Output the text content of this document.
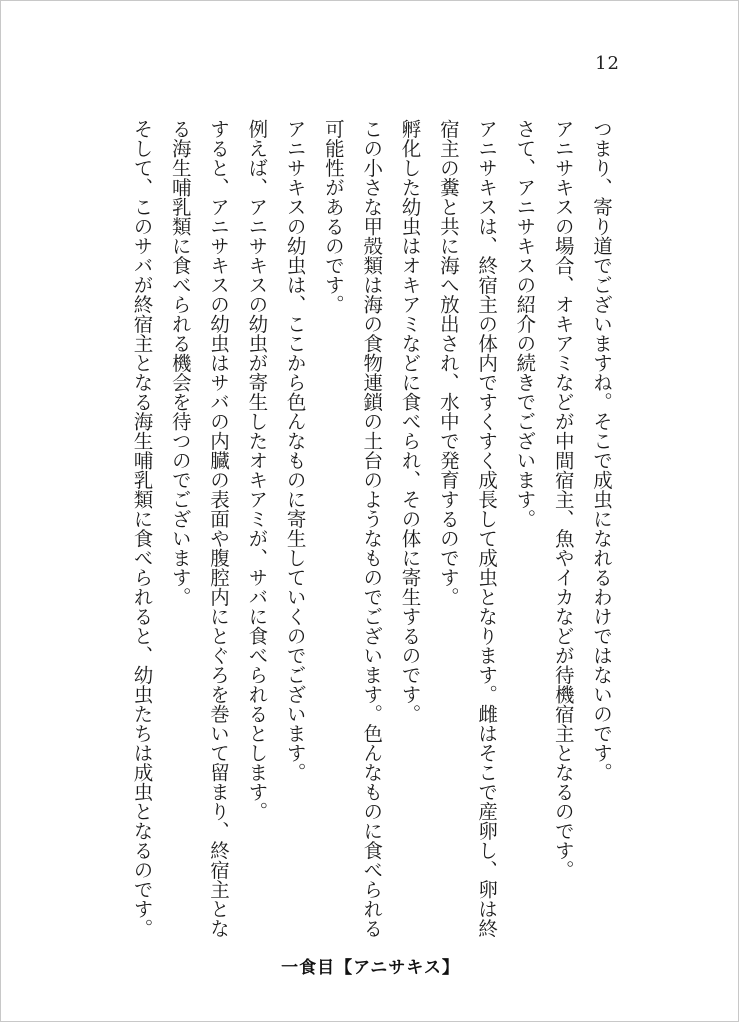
12

つまり、寄り道でございますね。そこで成虫になれるわけではないのです。

アニサキスの場合、オキアミなどが中間宿主、魚やイカなどが待機宿主となるのです。

さて、アニサキスの紹介の続きでございます。

アニサキスは、終宿主の体内ですくすく成長して成虫となります。雌はそこで産卵し、卵は終宿主の糞と共に海へ放出され、水中で発育するのです。

孵化した幼虫はオキアミなどに食べられ、その体に寄生するのです。

この小さな甲殻類は海の食物連鎖の土台のようなものでございます。色んなものに食べられる可能性があるのです。

アニサキスの幼虫は、ここから色んなものに寄生していくのでございます。

例えば、アニサキスの幼虫が寄生したオキアミが、サバに食べられるとします。

すると、アニサキスの幼虫はサバの内臓の表面や腹腔内にとぐろを巻いて留まり、終宿主となる海生哺乳類に食べられる機会を待つのでございます。

そして、このサバが終宿主となる海生哺乳類に食べられると、幼虫たちは成虫となるのです。

一食目【アニサキス】
